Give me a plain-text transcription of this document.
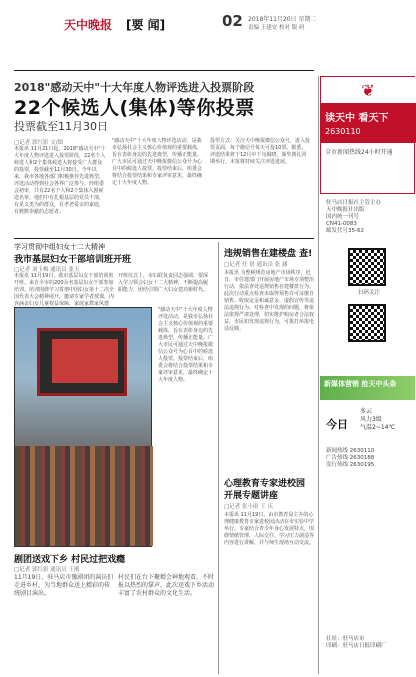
天中晚报 [要 闻]	02 2018年11月20日 星期二
责编 王建安 校对 版 码
2018"感动天中"十大年度人物评选进入投票阶段
22个候选人(集体)等你投票
投票截至11月30日
□记者 郭红影 文/图
本报讯 11月21日起，2018"感动天中"十大年度人物评选进入投票阶段，22名个人候选人和2个集体候选人将接受广大群众的投票，投票截至11月30日。今年以来，我市各地各部门积极推荐先进典型，评选活动得到社会各界广泛参与。经组委会初审，共有22名个人和2个集体入围候选名单。他们中有扎根基层的党员干部，有见义勇为的群众，有孝老爱亲的家庭，有默默奉献的志愿者。
"感动天中"十大年度人物评选活动，是我市弘扬社会主义核心价值观的重要载体，旨在表彰身边的先进典型，传播正能量。广大市民可通过天中晚报微信公众号为心目中的候选人投票。投票结束后，组委会将结合投票结果和专家评审意见，最终确定十大年度人物。
投票方式：关注天中晚报微信公众号，进入投票页面，每个微信号每天可投10票。据悉，评选结果将于12月中下旬揭晓，颁奖典礼同期举行。本报将持续关注评选进展。
学习贯彻中组妇女十二大精神
我市基层妇女干部培训班开班
□记者 刘玉梅 通讯员 张玉
本报讯 11月19日，我市基层妇女干部培训班开班。来自全市的200余名基层妇女干部参加培训。培训围绕学习贯彻中国妇女第十二次全国代表大会精神展开，邀请专家学者授课，内容涵盖妇女儿童权益保障、家庭家教家风建
开班仪式上，市妇联负责同志强调，要深入学习领会妇女十二大精神，不断提高履职能力，团结引领广大妇女建功新时代。
"感动天中"十大年度人物评选活动，是我市弘扬社会主义核心价值观的重要载体，旨在表彰身边的先进典型，传播正能量。广大市民可通过天中晚报微信公众号为心目中的候选人投票。投票结束后，组委会将结合投票结果和专家评审意见，最终确定十大年度人物。
剧团送戏下乡 村民过把戏瘾
□记者 郭红影 通讯员 王刚
11月19日，驻马店市豫剧团的演员们走进乡村，为当地群众送上精彩的传统剧目演出。
村民们在台下聚精会神地观看，不时报以热烈的掌声。此次送戏下乡活动丰富了农村群众的文化生活。
违规销售在建楼盘 查!
□记者 任 晨 通讯员 张 涵
本报讯 为整顿规范房地产市场秩序，近日，市住建部门开展房地产市场专项整治行动，依法查处违规销售在建楼盘行为。此次行动重点检查未取得预售许可证擅自销售、收取定金和诚意金、虚假宣传等违法违规行为。对检查中发现的问题，将依法依规严肃处理，切实维护购房者合法权益。市民如发现违规行为，可拨打举报电话反映。
心理教育专家进校园
开展专题讲座
□记者 张小雨 王 庆
本报讯 11月19日，由市教育局主办的心理健康教育专家进校园活动在市实验中学举行。专家结合青少年身心发展特点，围绕情绪管理、人际交往、学习压力调适等内容进行讲解，并与师生现场互动交流。
❦
读天中 看天下
2630110
全市新闻热线24小时开通
驻马店日报社主管主办
天中晚报社出版
国内统一刊号
CN41-0083
邮发代号35-62
扫码关注
新媒体营销 抢天中头条
今日
多云
风力3级
气温2~14℃
新闻热线 2630110
广告热线 2630188
发行热线 2630195
社址：驻马店市
印刷：驻马店日报印刷厂
